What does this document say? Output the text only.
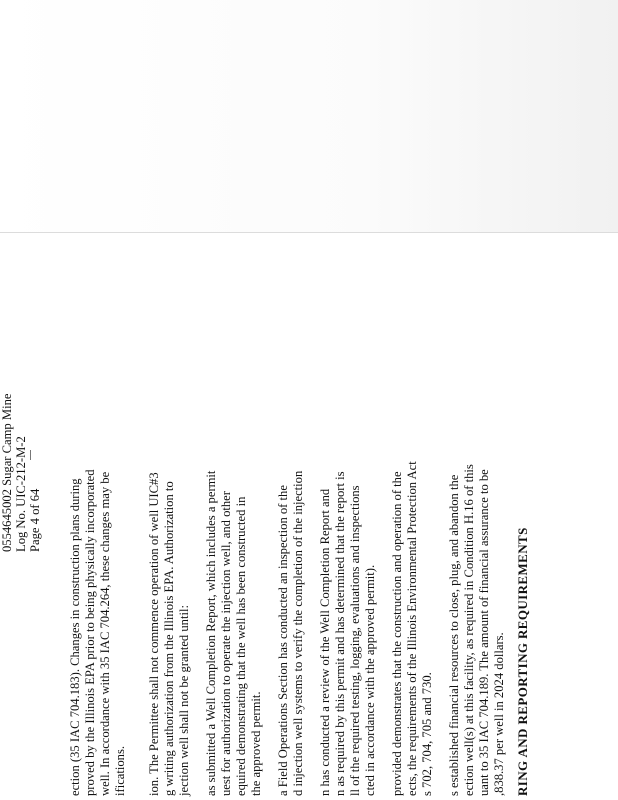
0554645002 Sugar Camp Mine Log No. UIC-212-M-2 Page 4 of 64 ection (35 IAC 704.183). Changes in construction plans during proved by the Illinois EPA prior to being physically incorporated well. In accordance with 35 IAC 704.264, these changes may be ifications. ion. The Permittee shall not commence operation of well UIC#3 g writing authorization from the Illinois EPA. Authorization to jection well shall not be granted until: as submitted a Well Completion Report, which includes a permit uest for authorization to operate the injection well, and other equired demonstrating that the well has been constructed in the approved permit. a Field Operations Section has conducted an inspection of the d injection well systems to verify the completion of the injection n has conducted a review of the Well Completion Report and n as required by this permit and has determined that the report is ll of the required testing, logging, evaluations and inspections cted in accordance with the approved permit). provided demonstrates that the construction and operation of the ects, the requirements of the Illinois Environmental Protection Act s 702, 704, 705 and 730. s established financial resources to close, plug, and abandon the ection well(s) at this facility, as required in Condition H.16 of this uant to 35 IAC 704.189. The amount of financial assurance to be ,838.37 per well in 2024 dollars. RING AND REPORTING REQUIREMENTS
